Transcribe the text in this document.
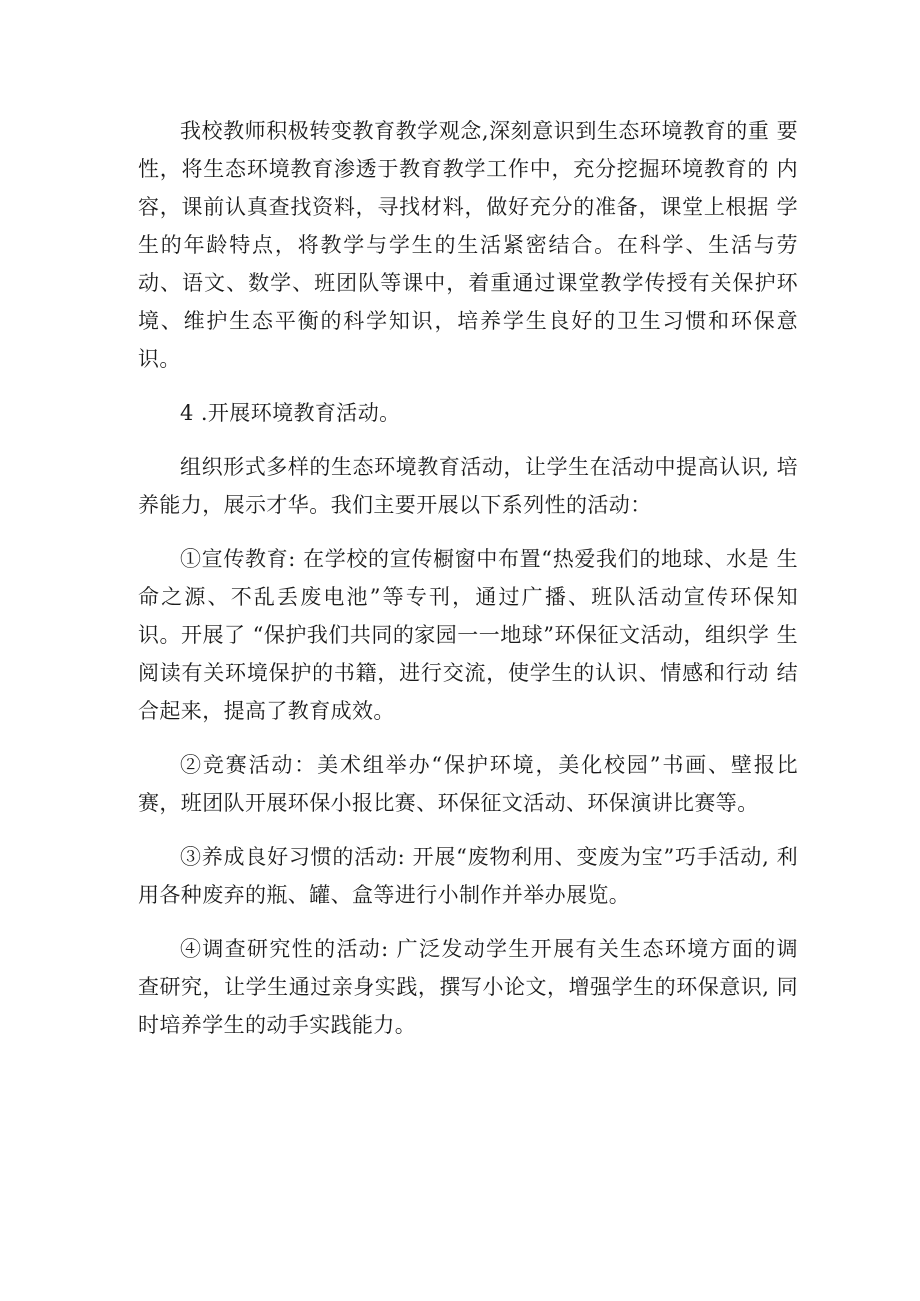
我校教师积极转变教育教学观念,深刻意识到生态环境教育的重 要性，将生态环境教育渗透于教育教学工作中，充分挖掘环境教育的 内容，课前认真查找资料，寻找材料，做好充分的准备，课堂上根据 学生的年龄特点，将教学与学生的生活紧密结合。在科学、生活与劳 动、语文、数学、班团队等课中，着重通过课堂教学传授有关保护环 境、维护生态平衡的科学知识，培养学生良好的卫生习惯和环保意识。

4 .开展环境教育活动。

组织形式多样的生态环境教育活动，让学生在活动中提高认识, 培养能力，展示才华。我们主要开展以下系列性的活动：

①宣传教育: 在学校的宣传橱窗中布置“热爱我们的地球、水是 生命之源、不乱丢废电池”等专刊，通过广播、班队活动宣传环保知 识。开展了 “保护我们共同的家园一一地球”环保征文活动，组织学 生阅读有关环境保护的书籍，进行交流，使学生的认识、情感和行动 结合起来，提高了教育成效。

②竞赛活动：美术组举办“保护环境，美化校园”书画、壁报比 赛，班团队开展环保小报比赛、环保征文活动、环保演讲比赛等。

③养成良好习惯的活动: 开展“废物利用、变废为宝”巧手活动, 利用各种废弃的瓶、罐、盒等进行小制作并举办展览。

④调查研究性的活动: 广泛发动学生开展有关生态环境方面的调 查研究，让学生通过亲身实践，撰写小论文，增强学生的环保意识, 同时培养学生的动手实践能力。
